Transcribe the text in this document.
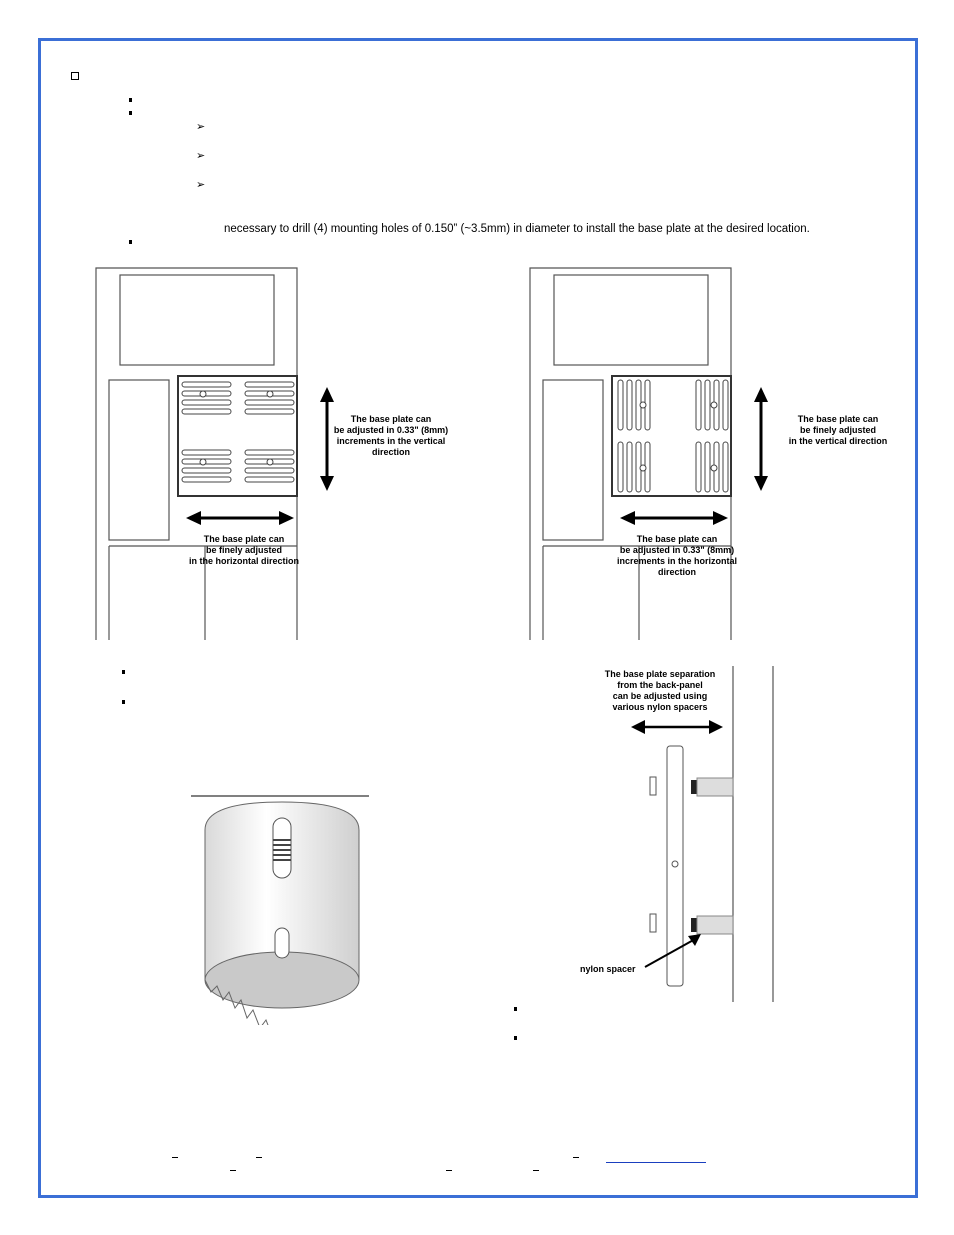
➢
➢
➢
necessary to drill (4) mounting holes of 0.150” (~3.5mm) in diameter to install the base plate at the desired location.
The base plate can
be adjusted in 0.33" (8mm)
increments in the vertical
direction
The base plate can
be finely adjusted
in the horizontal direction
The base plate can
be finely adjusted
in the vertical direction
The base plate can
be adjusted in 0.33" (8mm)
increments in the horizontal
direction
The base plate separation
from the back-panel
can be adjusted using
various nylon spacers
nylon spacer
